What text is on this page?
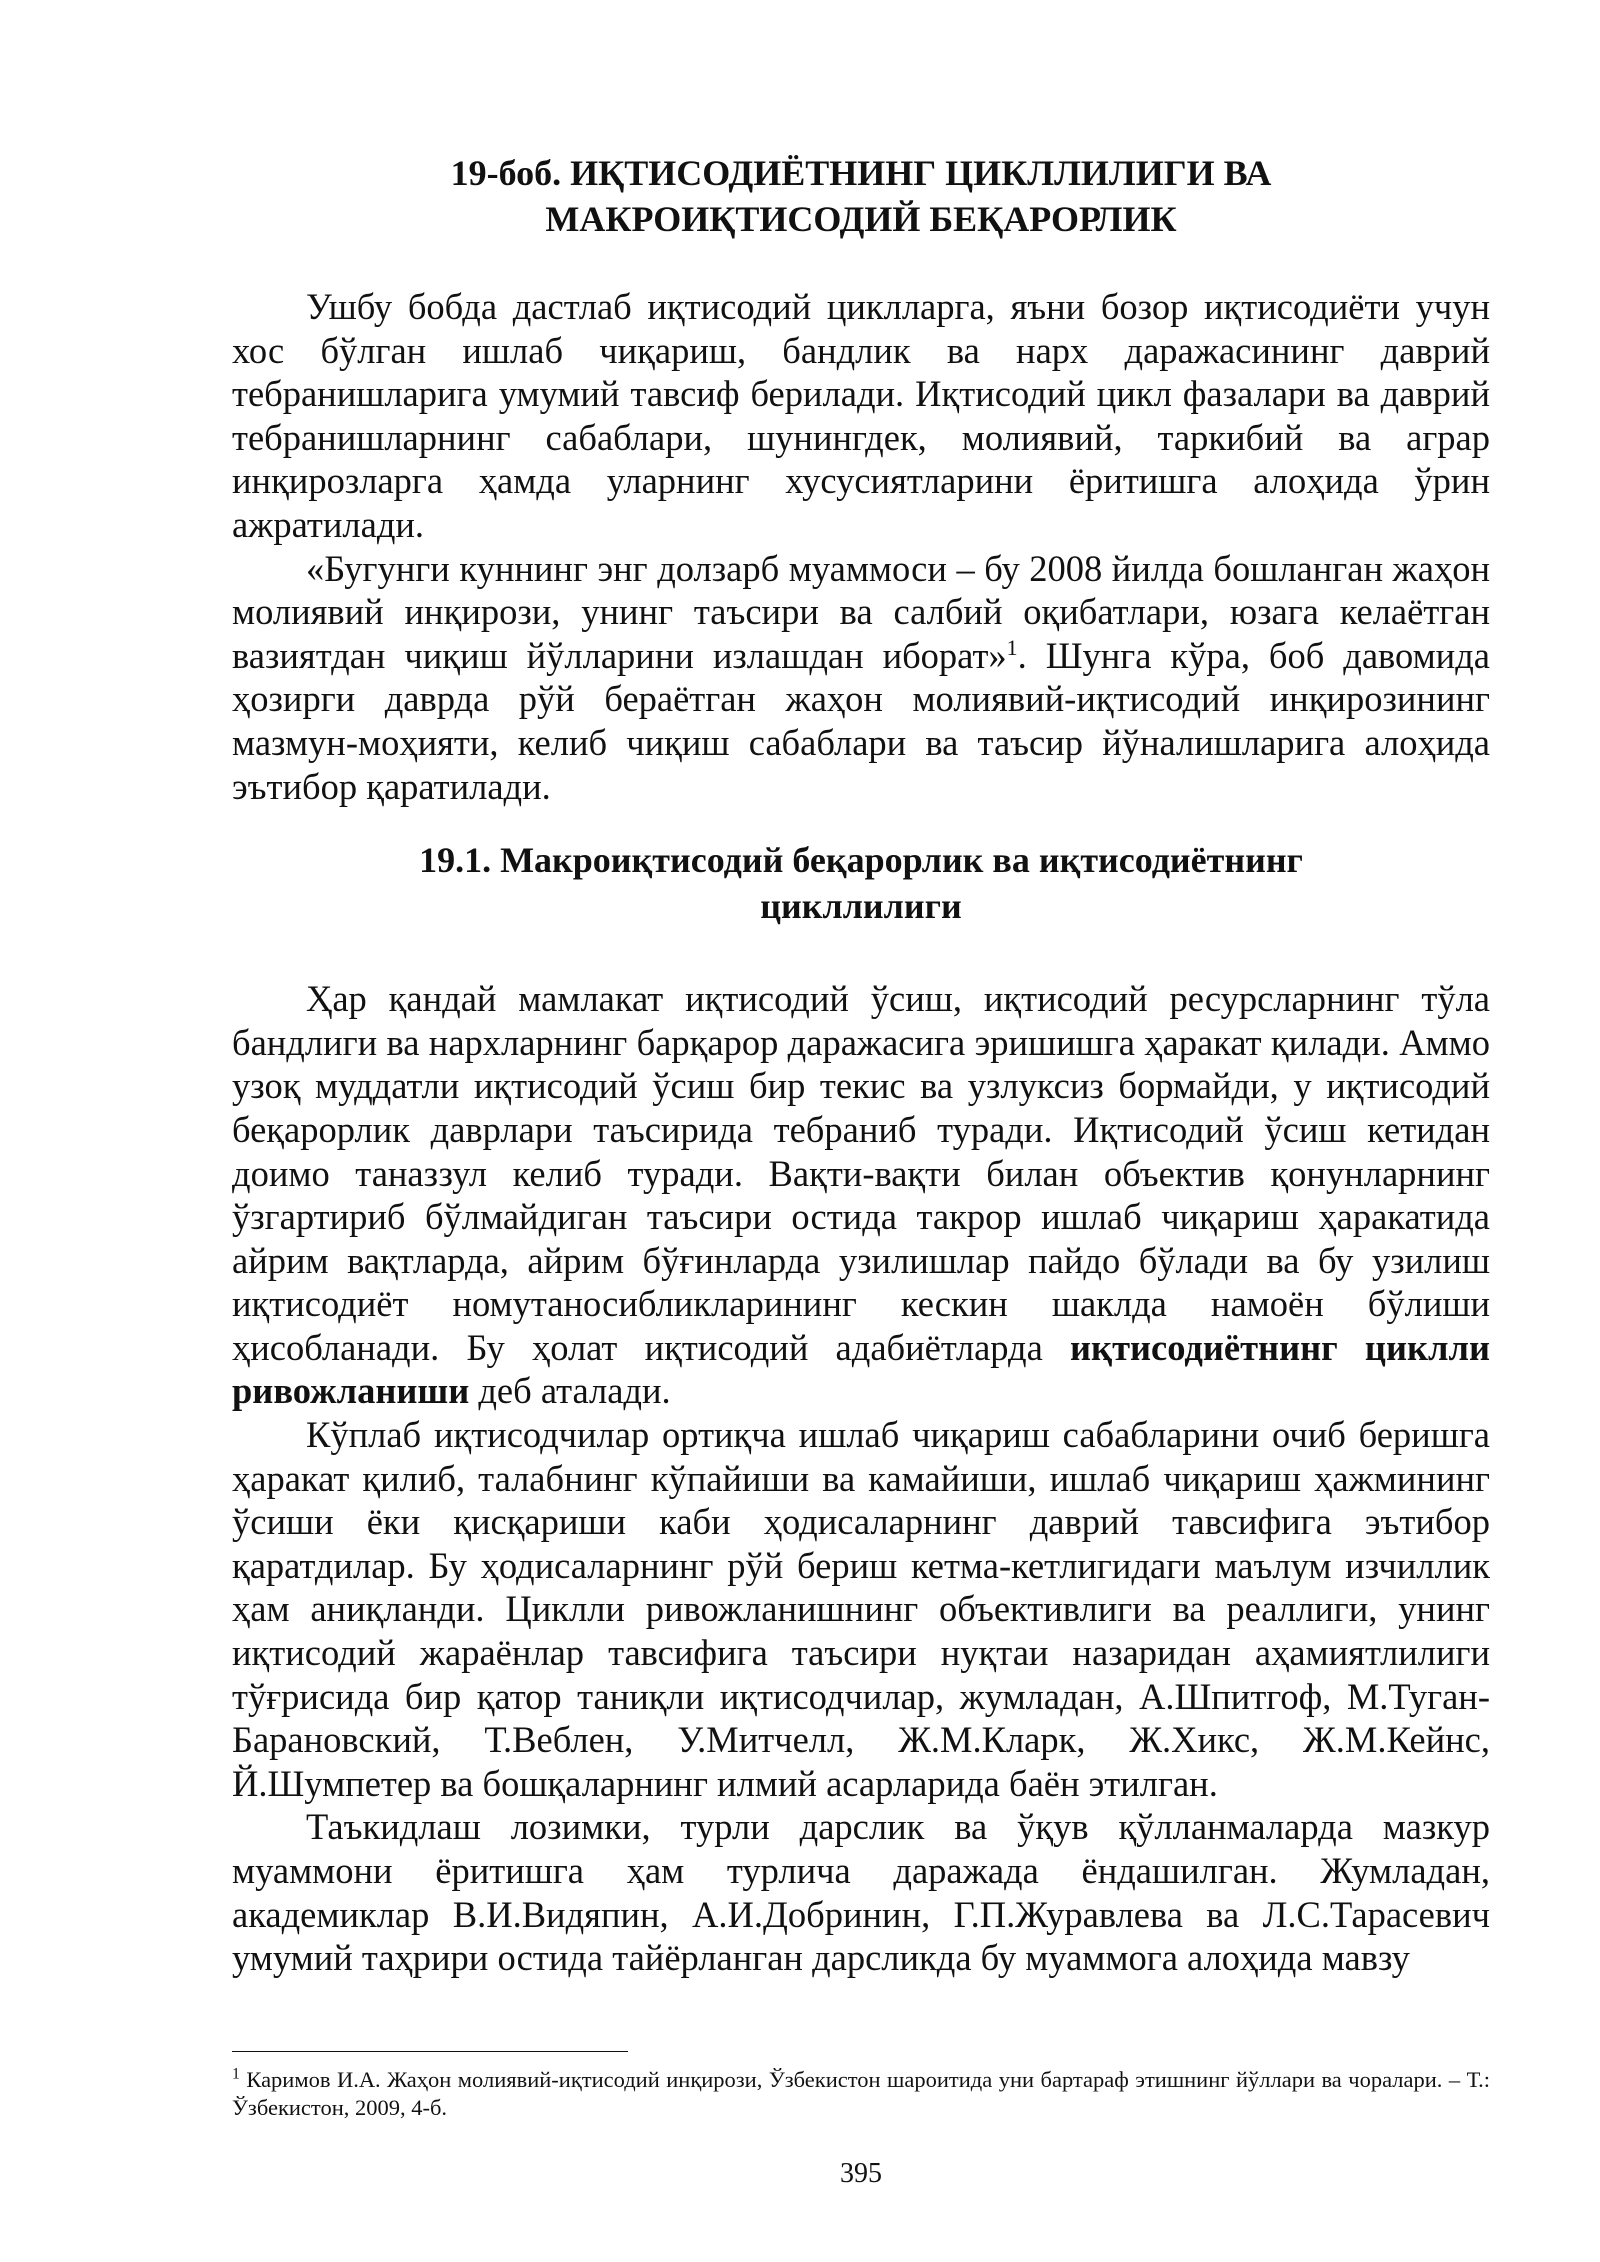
19-боб. ИҚТИСОДИЁТНИНГ ЦИКЛЛИЛИГИ ВА
МАКРОИҚТИСОДИЙ БЕҚАРОРЛИК

Ушбу бобда дастлаб иқтисодий циклларга, яъни бозор иқтисодиёти учун хос бўлган ишлаб чиқариш, бандлик ва нарх даражасининг даврий тебранишларига умумий тавсиф берилади. Иқтисодий цикл фазалари ва даврий тебранишларнинг сабаблари, шунингдек, молиявий, таркибий ва аграр инқирозларга ҳамда уларнинг хусусиятларини ёритишга алоҳида ўрин ажратилади.

«Бугунги куннинг энг долзарб муаммоси – бу 2008 йилда бошланган жаҳон молиявий инқирози, унинг таъсири ва салбий оқибатлари, юзага келаётган вазиятдан чиқиш йўлларини излашдан иборат»$^1$. Шунга кўра, боб давомида ҳозирги даврда рўй бераётган жаҳон молиявий-иқтисодий инқирозининг мазмун-моҳияти, келиб чиқиш сабаблари ва таъсир йўналишларига алоҳида эътибор қаратилади.

19.1. Макроиқтисодий беқарорлик ва иқтисодиётнинг
цикллилиги

Ҳар қандай мамлакат иқтисодий ўсиш, иқтисодий ресурсларнинг тўла бандлиги ва нархларнинг барқарор даражасига эришишга ҳаракат қилади. Аммо узоқ муддатли иқтисодий ўсиш бир текис ва узлуксиз бормайди, у иқтисодий беқарорлик даврлари таъсирида тебраниб туради. Иқтисодий ўсиш кетидан доимо таназзул келиб туради. Вақти-вақти билан объектив қонунларнинг ўзгартириб бўлмайдиган таъсири остида такрор ишлаб чиқариш ҳаракатида айрим вақтларда, айрим бўғинларда узилишлар пайдо бўлади ва бу узилиш иқтисодиёт номутаносибликларининг кескин шаклда намоён бўлиши ҳисобланади. Бу ҳолат иқтисодий адабиётларда иқтисодиётнинг циклли ривожланиши деб аталади.

Кўплаб иқтисодчилар ортиқча ишлаб чиқариш сабабларини очиб беришга ҳаракат қилиб, талабнинг кўпайиши ва камайиши, ишлаб чиқариш ҳажмининг ўсиши ёки қисқариши каби ҳодисаларнинг даврий тавсифига эътибор қаратдилар. Бу ҳодисаларнинг рўй бериш кетма-кетлигидаги маълум изчиллик ҳам аниқланди. Циклли ривожланишнинг объективлиги ва реаллиги, унинг иқтисодий жараёнлар тавсифига таъсири нуқтаи назаридан аҳамиятлилиги тўғрисида бир қатор таниқли иқтисодчилар, жумладан, А.Шпитгоф, М.Туган-Барановский, Т.Веблен, У.Митчелл, Ж.М.Кларк, Ж.Хикс, Ж.М.Кейнс, Й.Шумпетер ва бошқаларнинг илмий асарларида баён этилган.

Таъкидлаш лозимки, турли дарслик ва ўқув қўлланмаларда мазкур муаммони ёритишга ҳам турлича даражада ёндашилган. Жумладан, академиклар В.И.Видяпин, А.И.Добринин, Г.П.Журавлева ва Л.С.Тарасевич умумий таҳрири остида тайёрланган дарсликда бу муаммога алоҳида мавзу

$^1$ Каримов И.А. Жаҳон молиявий-иқтисодий инқирози, Ўзбекистон шароитида уни бартараф этишнинг йўллари ва чоралари. – Т.: Ўзбекистон, 2009, 4-б.

395
